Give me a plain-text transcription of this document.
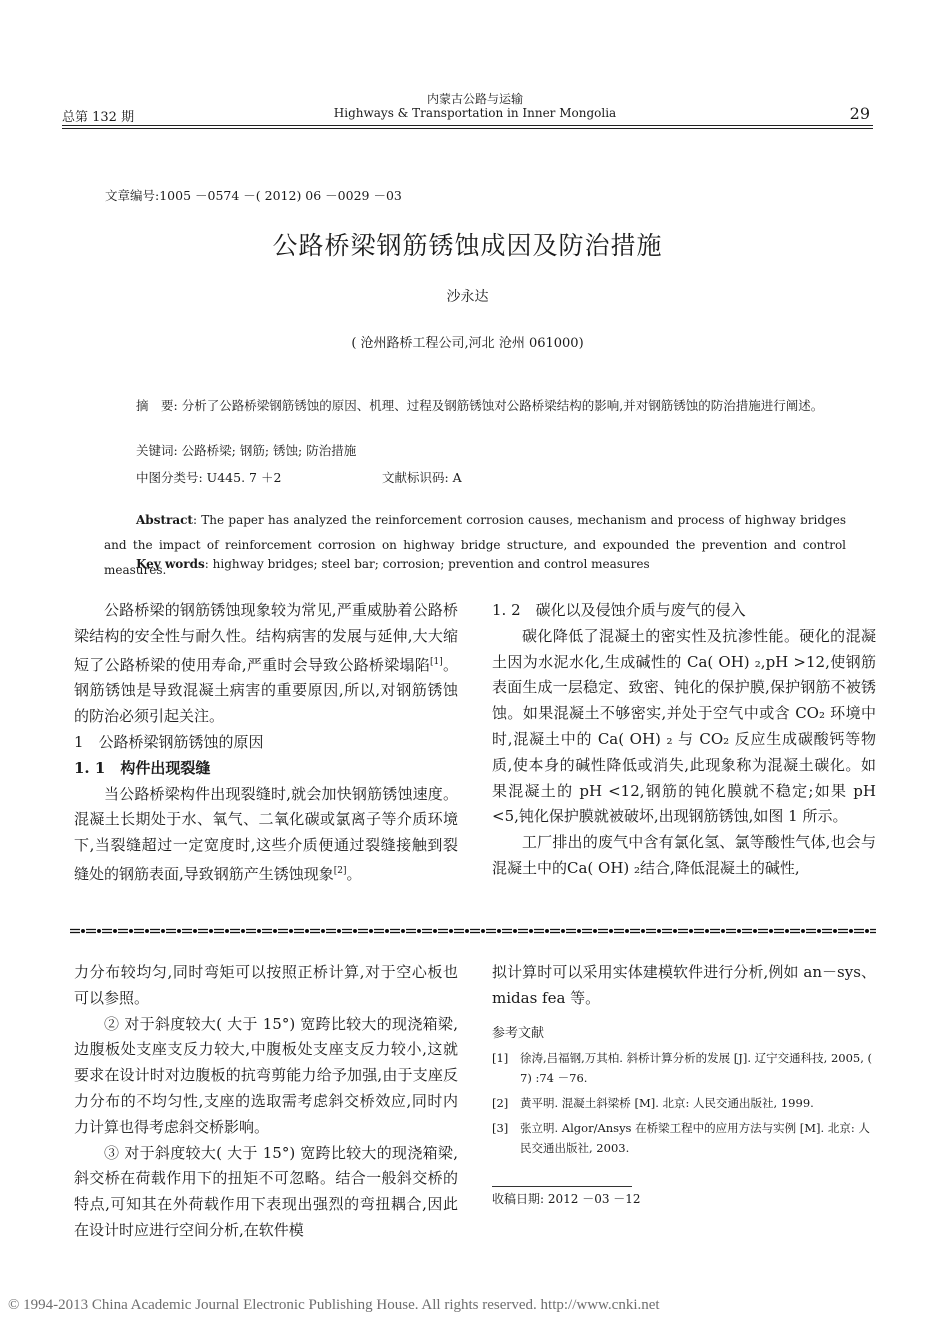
总第 132 期
内蒙古公路与运输
Highways & Transportation in Inner Mongolia	29
文章编号:1005 －0574 －( 2012) 06 －0029 －03
公路桥梁钢筋锈蚀成因及防治措施
沙永达
( 沧州路桥工程公司,河北 沧州 061000)
摘　要: 分析了公路桥梁钢筋锈蚀的原因、机理、过程及钢筋锈蚀对公路桥梁结构的影响,并对钢筋锈蚀的防治措施进行阐述。
关键词: 公路桥梁; 钢筋; 锈蚀; 防治措施
中图分类号: U445. 7 ＋2	文献标识码: A
Abstract: The paper has analyzed the reinforcement corrosion causes, mechanism and process of highway bridges and the impact of reinforcement corrosion on highway bridge structure, and expounded the prevention and control measures.
Key words: highway bridges; steel bar; corrosion; prevention and control measures

公路桥梁的钢筋锈蚀现象较为常见,严重威胁着公路桥梁结构的安全性与耐久性。结构病害的发展与延伸,大大缩短了公路桥梁的使用寿命,严重时会导致公路桥梁塌陷[1]。钢筋锈蚀是导致混凝土病害的重要原因,所以,对钢筋锈蚀的防治必须引起关注。

1　公路桥梁钢筋锈蚀的原因

1. 1　构件出现裂缝

当公路桥梁构件出现裂缝时,就会加快钢筋锈蚀速度。混凝土长期处于水、氧气、二氧化碳或氯离子等介质环境下,当裂缝超过一定宽度时,这些介质便通过裂缝接触到裂缝处的钢筋表面,导致钢筋产生锈蚀现象[2]。

1. 2　碳化以及侵蚀介质与废气的侵入

碳化降低了混凝土的密实性及抗渗性能。硬化的混凝土因为水泥水化,生成碱性的 Ca( OH) ₂,pH >12,使钢筋表面生成一层稳定、致密、钝化的保护膜,保护钢筋不被锈蚀。如果混凝土不够密实,并处于空气中或含 CO₂ 环境中时,混凝土中的 Ca( OH) ₂ 与 CO₂ 反应生成碳酸钙等物质,使本身的碱性降低或消失,此现象称为混凝土碳化。如果混凝土的 pH <12,钢筋的钝化膜就不稳定;如果 pH <5,钝化保护膜就被破坏,出现钢筋锈蚀,如图 1 所示。

工厂排出的废气中含有氯化氢、氯等酸性气体,也会与混凝土中的Ca( OH) ₂结合,降低混凝土的碱性,

力分布较均匀,同时弯矩可以按照正桥计算,对于空心板也可以参照。

② 对于斜度较大( 大于 15°) 宽跨比较大的现浇箱梁,边腹板处支座支反力较大,中腹板处支座支反力较小,这就要求在设计时对边腹板的抗弯剪能力给予加强,由于支座反力分布的不均匀性,支座的选取需考虑斜交桥效应,同时内力计算也得考虑斜交桥影响。

③ 对于斜度较大( 大于 15°) 宽跨比较大的现浇箱梁,斜交桥在荷载作用下的扭矩不可忽略。结合一般斜交桥的特点,可知其在外荷载作用下表现出强烈的弯扭耦合,因此在设计时应进行空间分析,在软件模

拟计算时可以采用实体建模软件进行分析,例如 an－sys、midas fea 等。

参考文献
[1] 徐涛,吕福钢,万其柏. 斜桥计算分析的发展 [J]. 辽宁交通科技, 2005, ( 7) :74 －76.
[2] 黄平明. 混凝土斜梁桥 [M]. 北京: 人民交通出版社, 1999.
[3] 张立明. Algor/Ansys 在桥梁工程中的应用方法与实例 [M]. 北京: 人民交通出版社, 2003.
收稿日期: 2012 －03 －12
© 1994-2013 China Academic Journal Electronic Publishing House. All rights reserved. http://www.cnki.net
